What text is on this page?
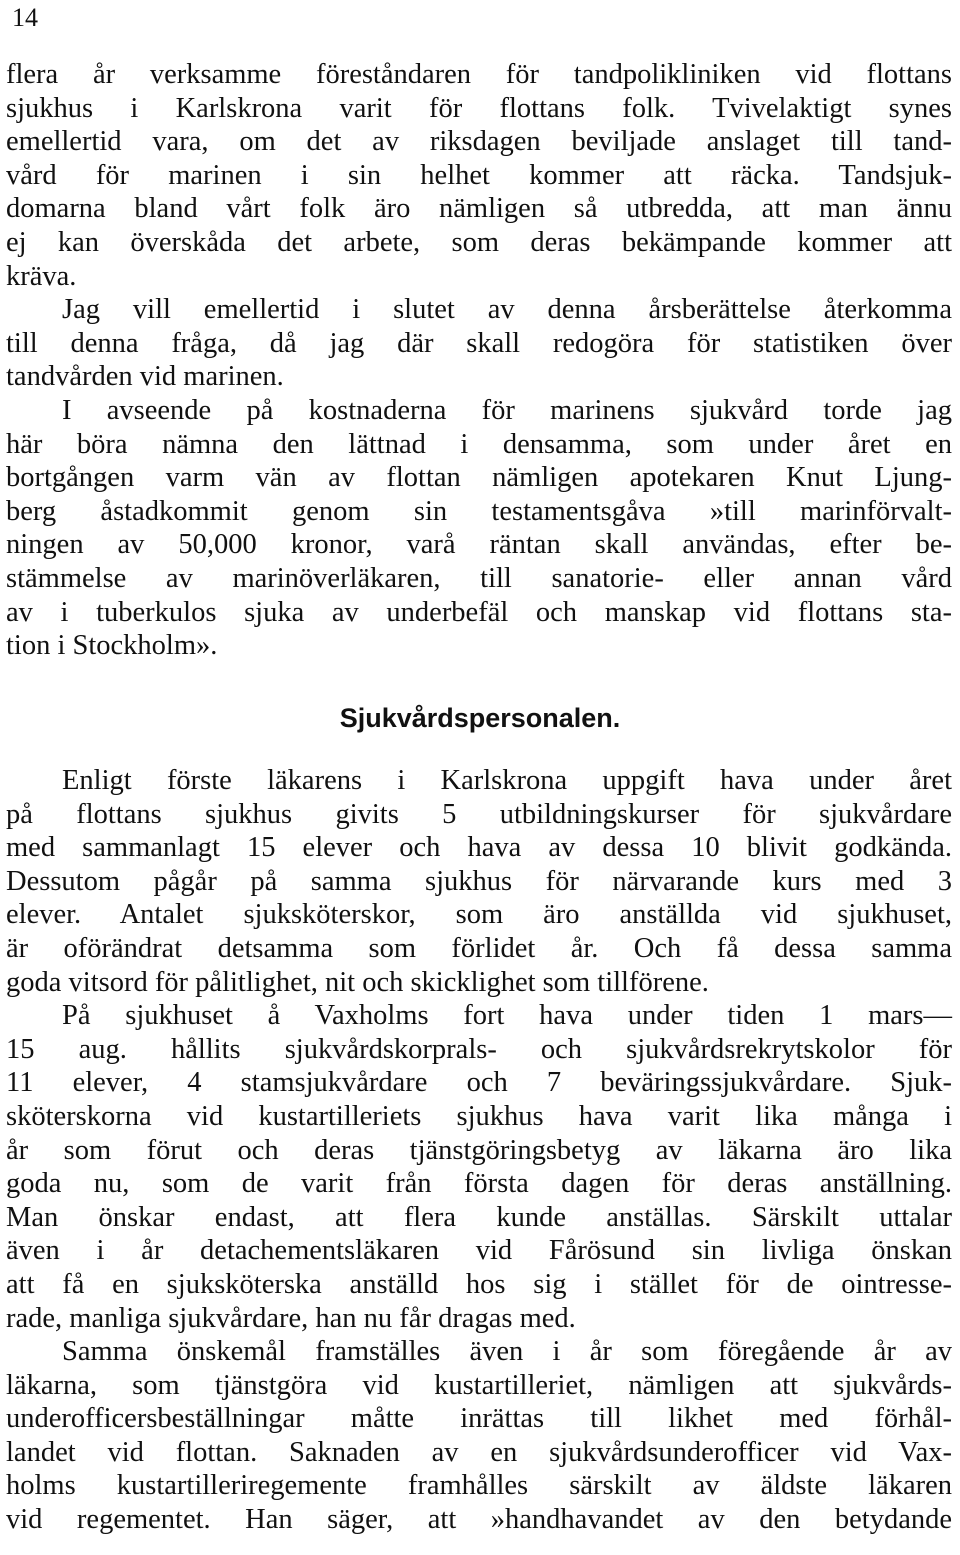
14
flera år verksamme föreståndaren för tandpolikliniken vid flottans
sjukhus i Karlskrona varit för flottans folk. Tvivelaktigt synes
emellertid vara, om det av riksdagen beviljade anslaget till tand-
vård för marinen i sin helhet kommer att räcka. Tandsjuk-
domarna bland vårt folk äro nämligen så utbredda, att man ännu
ej kan överskåda det arbete, som deras bekämpande kommer att
kräva.
Jag vill emellertid i slutet av denna årsberättelse återkomma
till denna fråga, då jag där skall redogöra för statistiken över
tandvården vid marinen.
I avseende på kostnaderna för marinens sjukvård torde jag
här böra nämna den lättnad i densamma, som under året en
bortgången varm vän av flottan nämligen apotekaren Knut Ljung-
berg åstadkommit genom sin testamentsgåva »till marinförvalt-
ningen av 50,000 kronor, varå räntan skall användas, efter be-
stämmelse av marinöverläkaren, till sanatorie- eller annan vård
av i tuberkulos sjuka av underbefäl och manskap vid flottans sta-
tion i Stockholm».
Sjukvårdspersonalen.
Enligt förste läkarens i Karlskrona uppgift hava under året
på flottans sjukhus givits 5 utbildningskurser för sjukvårdare
med sammanlagt 15 elever och hava av dessa 10 blivit godkända.
Dessutom pågår på samma sjukhus för närvarande kurs med 3
elever. Antalet sjuksköterskor, som äro anställda vid sjukhuset,
är oförändrat detsamma som förlidet år. Och få dessa samma
goda vitsord för pålitlighet, nit och skicklighet som tillförene.
På sjukhuset å Vaxholms fort hava under tiden 1 mars—
15 aug. hållits sjukvårdskorprals- och sjukvårdsrekrytskolor för
11 elever, 4 stamsjukvårdare och 7 beväringssjukvårdare. Sjuk-
sköterskorna vid kustartilleriets sjukhus hava varit lika många i
år som förut och deras tjänstgöringsbetyg av läkarna äro lika
goda nu, som de varit från första dagen för deras anställning.
Man önskar endast, att flera kunde anställas. Särskilt uttalar
även i år detachementsläkaren vid Fårösund sin livliga önskan
att få en sjuksköterska anställd hos sig i stället för de ointresse-
rade, manliga sjukvårdare, han nu får dragas med.
Samma önskemål framställes även i år som föregående år av
läkarna, som tjänstgöra vid kustartilleriet, nämligen att sjukvårds-
underofficersbeställningar måtte inrättas till likhet med förhål-
landet vid flottan. Saknaden av en sjukvårdsunderofficer vid Vax-
holms kustartilleriregemente framhålles särskilt av äldste läkaren
vid regementet. Han säger, att »handhavandet av den betydande
